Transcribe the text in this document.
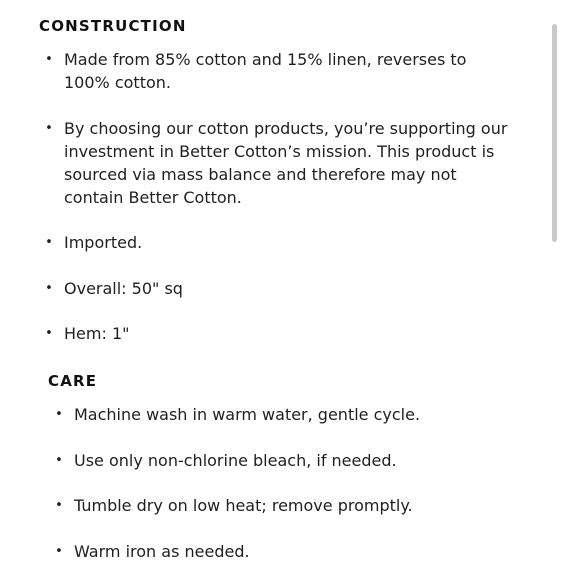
CONSTRUCTION
• Made from 85% cotton and 15% linen, reverses to 100% cotton.
• By choosing our cotton products, you’re supporting our investment in Better Cotton’s mission. This product is sourced via mass balance and therefore may not contain Better Cotton.
• Imported.
• Overall: 50" sq
• Hem: 1"
CARE
• Machine wash in warm water, gentle cycle.
• Use only non-chlorine bleach, if needed.
• Tumble dry on low heat; remove promptly.
• Warm iron as needed.
